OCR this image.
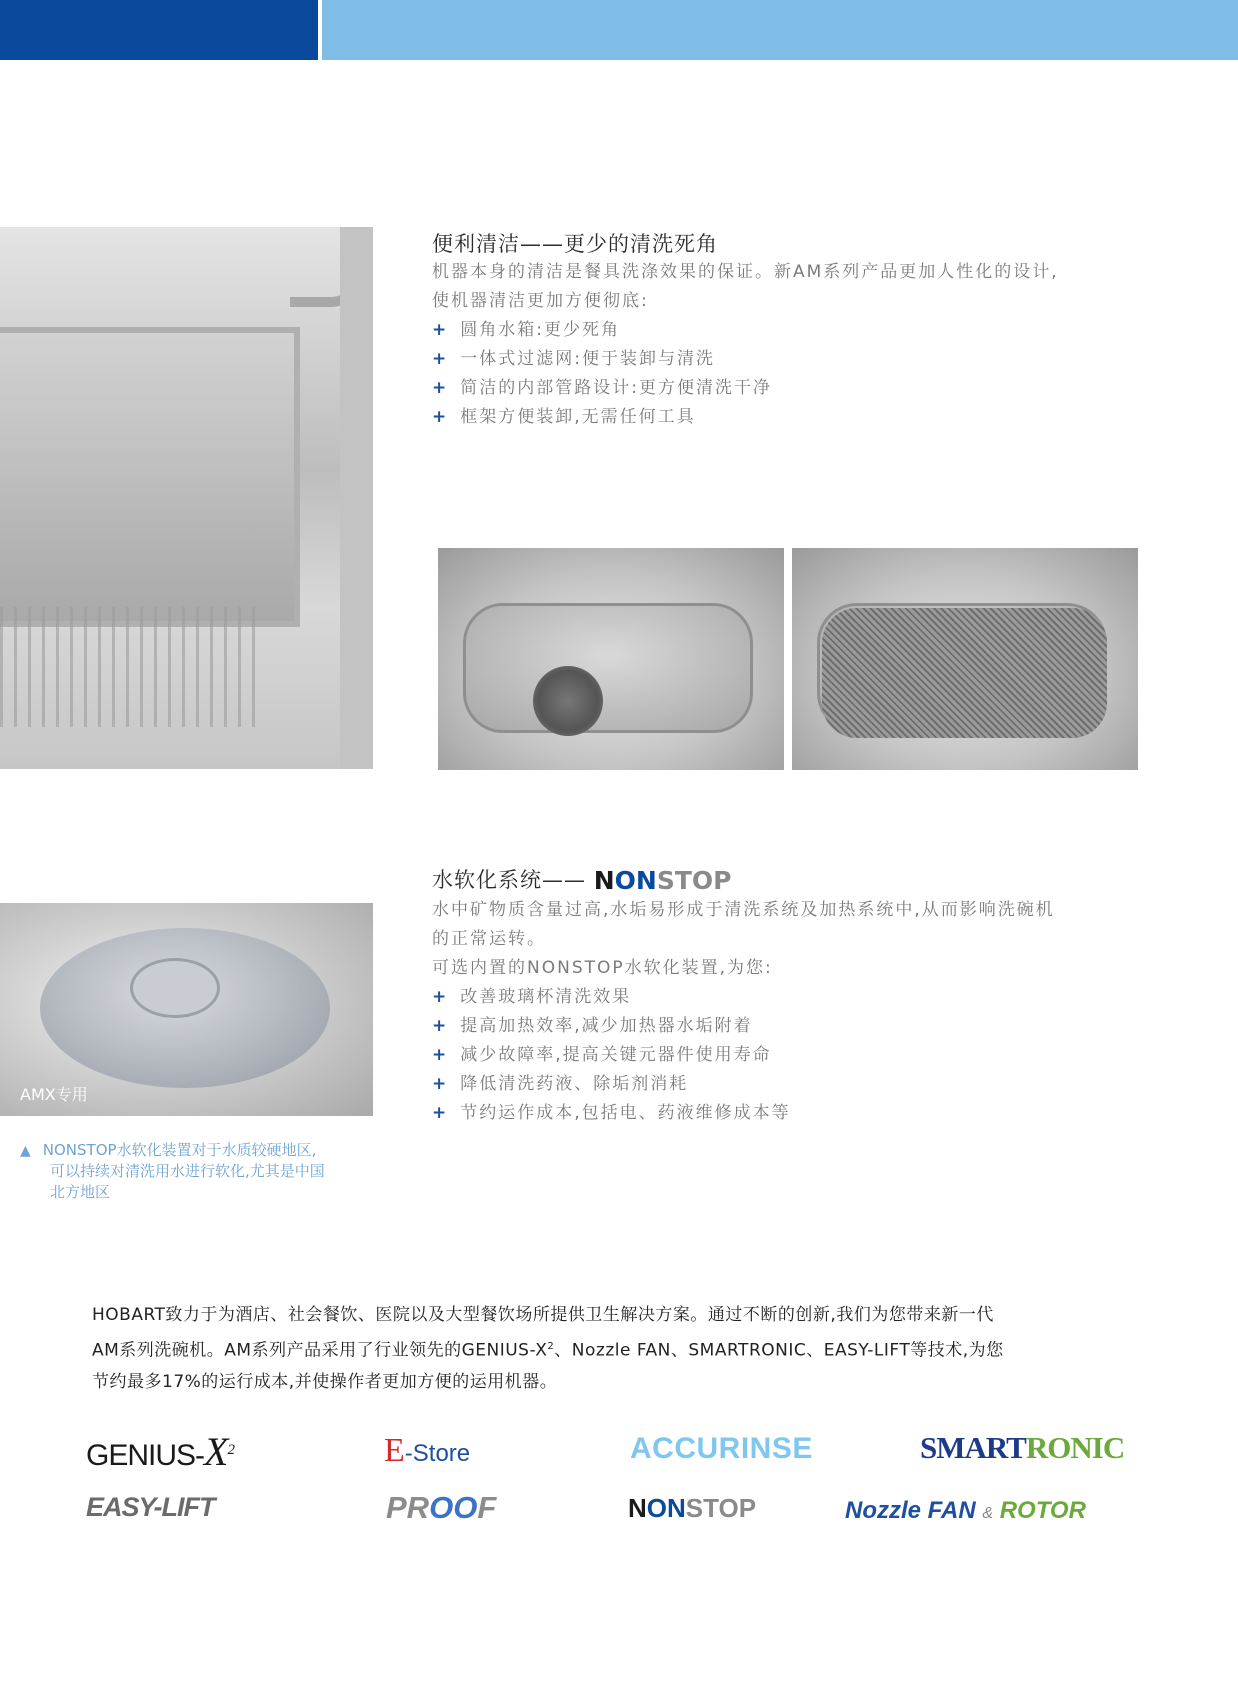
便利清洁——更少的清洗死角
机器本身的清洁是餐具洗涤效果的保证。新AM系列产品更加人性化的设计,
使机器清洁更加方便彻底:
+ 圆角水箱:更少死角
+ 一体式过滤网:便于装卸与清洗
+ 简洁的内部管路设计:更方便清洗干净
+ 框架方便装卸,无需任何工具
水软化系统—— NONSTOP
水中矿物质含量过高,水垢易形成于清洗系统及加热系统中,从而影响洗碗机
的正常运转。
可选内置的NONSTOP水软化装置,为您:
+ 改善玻璃杯清洗效果
+ 提高加热效率,减少加热器水垢附着
+ 减少故障率,提高关键元器件使用寿命
+ 降低清洗药液、除垢剂消耗
+ 节约运作成本,包括电、药液维修成本等
AMX专用
▲ NONSTOP水软化装置对于水质较硬地区,
可以持续对清洗用水进行软化,尤其是中国
北方地区
HOBART致力于为酒店、社会餐饮、医院以及大型餐饮场所提供卫生解决方案。通过不断的创新,我们为您带来新一代
AM系列洗碗机。AM系列产品采用了行业领先的GENIUS-$X^2$、Nozzle FAN、SMARTRONIC、EASY-LIFT等技术,为您
节约最多17%的运行成本,并使操作者更加方便的运用机器。
GENIUS-$X^2$	E-Store	ACCURINSE	SMARTRONIC
EASY-LIFT	PROOF	NONSTOP	Nozzle FAN & ROTOR
